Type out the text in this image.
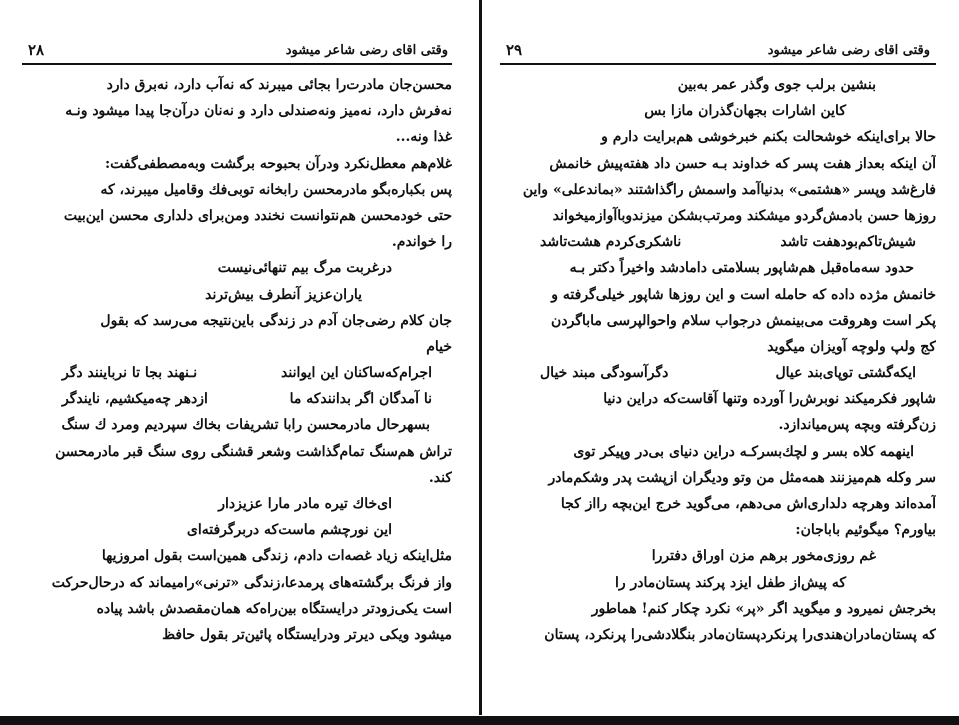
وقتی اقای رضی شاعر میشود
۲۸
محسن‌جان مادرت‌را بجائی میبرند که نه‌آب دارد، نه‌برق دارد
نه‌فرش دارد، نه‌میز ونه‌صندلی دارد و نه‌نان درآن‌جا پیدا میشود ونـه
غذا ونه...
غلام‌هم معطل‌نکرد ودرآن بحبوحه برگشت وبه‌مصطفی‌گفت:
پس بکباره‌بگو مادرمحسن رابخانه توبی‌فك وقامیل میبرند، که
حتی خودمحسن هم‌نتوانست نخندد ومن‌برای دلداری محسن این‌بیت
را خواندم.
درغربت مرگ بیم تنهائی‌نیست
یاران‌عزیز آنطرف بیش‌ترند
جان کلام رضی‌جان آدم در زندگی باین‌نتیجه می‌رسد که بقول
خیام
اجرام‌که‌ساکنان این ایوانند
نـنهند بجا تا نرباینند دگر
نا آمدگان اگر بدانندکه ما
ازدهر چه‌میکشیم، نایندگر
بسهرحال مادرمحسن رابا تشریفات بخاك سپردیم ومرد ك سنگ
تراش هم‌سنگ تمام‌گذاشت وشعر قشنگی روی سنگ قبر مادرمحسن
کند.
ای‌خاك تیره مادر مارا عزیزدار
این نورچشم ماست‌که دربرگرفته‌ای
مثل‌اینکه زیاد غصه‌ات دادم، زندگی همین‌است بقول امروزیها
واز فرنگ برگشته‌های پرمدعا،زندگی «ترنی‌»رامیماند که درحال‌حرکت
است یکی‌زودتر درایستگاه بین‌راه‌که همان‌مقصدش باشد پیاده
میشود ویکی دیرتر ودرایستگاه پائین‌تر بقول حافظ
وقتی اقای رضی شاعر میشود
۲۹
بنشین برلب جوی وگذر عمر به‌بین
کاین اشارات بجهان‌گذران مازا بس
حالا برای‌اینکه خوشحالت بکنم خبرخوشی هم‌برایت دارم و
آن اینکه بعداز هفت پسر که خداوند بـه حسن داد هفته‌پیش خانمش
فارغ‌شد وپسر «هشتمی» بدنیاآمد واسمش راگذاشتند «بماندعلی» واین
روزها حسن بادمش‌گردو میشکند ومرتب‌بشکن میزندوباآوازمیخواند
شیش‌تاکم‌بودهفت تاشد
ناشکری‌کردم هشت‌تاشد
حدود سه‌ماه‌قبل هم‌شاپور بسلامتی دامادشد واخیراً دکتر بـه
خانمش مژده داده که حامله است و این روزها شاپور خیلی‌گرفته و
پکر است وهروقت می‌بینمش درجواب سلام واحوالپرسی مابا‌گردن
کج ولپ ولوچه آویزان میگوید
ایکه‌گشتی توپای‌بند عیال
دگرآسودگی مبند خیال
شاپور فکرمیکند نوبرش‌را آورده وتنها آقاست‌که دراین دنیا
زن‌گرفته وبچه پس‌میاندازد.
اینهمه کلاه بسر و لچك‌بسرکـه دراین دنیای بی‌در وپیکر توی
سر وکله هم‌میزنند همه‌مثل من وتو ودیگران ازپشت پدر وشکم‌مادر
آمده‌اند وهرچه دلداری‌اش می‌دهم، می‌گوید خرج این‌بچه رااز کجا
بیاورم؟ میگوئیم باباجان:
غم روزی‌مخور برهم مزن اوراق دفتررا
که پیش‌از طفل ایزد پرکند پستان‌مادر را
بخرجش نمیرود و میگوید اگر «پر» نکرد چکار کنم! هما‌طور
که پستان‌مادران‌هندی‌را پرنکرد‌پستان‌مادر بنگلادشی‌را پرنکرد، پستان
